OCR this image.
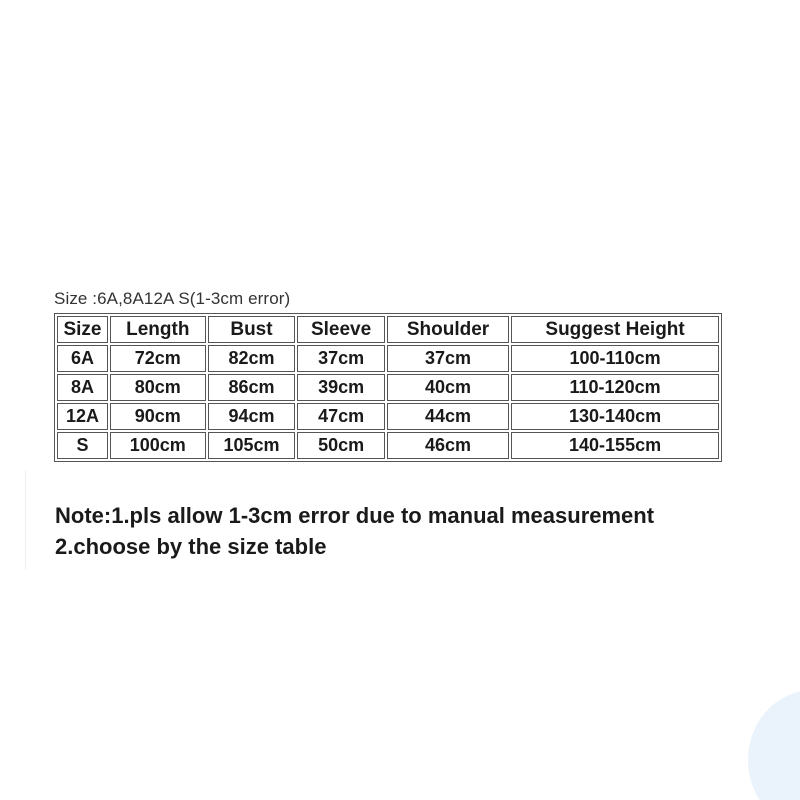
Size :6A,8A12A S(1-3cm error)
Size	Length	Bust	Sleeve	Shoulder	Suggest Height
6A	72cm	82cm	37cm	37cm	100-110cm
8A	80cm	86cm	39cm	40cm	110-120cm
12A	90cm	94cm	47cm	44cm	130-140cm
S	100cm	105cm	50cm	46cm	140-155cm
Note:1.pls allow 1-3cm error due to manual measurement
2.choose by the size table
